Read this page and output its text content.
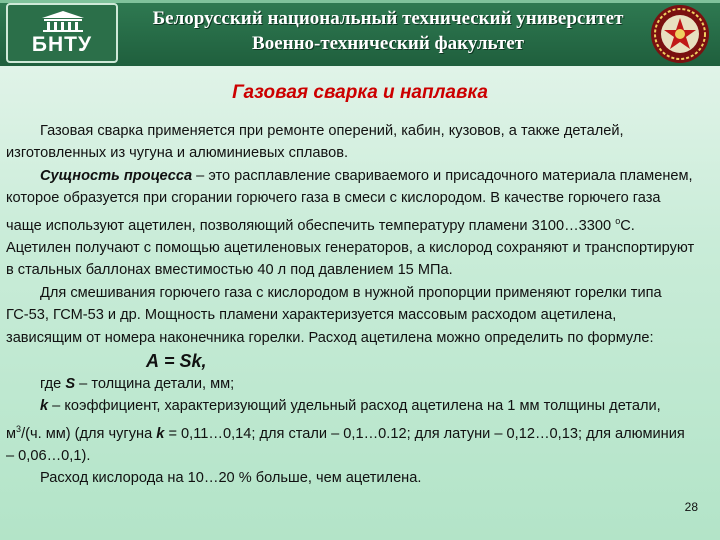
БНТУ
Белорусский национальный технический университет
Военно-технический факультет
Газовая сварка и наплавка

Газовая сварка применяется при ремонте оперений, кабин, кузовов, а также деталей, изготовленных из чугуна и алюминиевых сплавов.

Сущность процесса – это расплавление свариваемого и присадочного материала пламенем, которое образуется при сгорании горючего газа в смеси с кислородом. В качестве горючего газа чаще используют ацетилен, позволяющий обеспечить температуру пламени 3100…3300 $^о$С. Ацетилен получают с помощью ацетиленовых генераторов, а кислород сохраняют и транспортируют в стальных баллонах вместимостью 40 л под давлением 15 МПа.

Для смешивания горючего газа с кислородом в нужной пропорции применяют горелки типа ГС-53, ГСМ-53 и др. Мощность пламени характеризуется массовым расходом ацетилена, зависящим от номера наконечника горелки. Расход ацетилена можно определить по формуле:

А = Sk,

где S – толщина детали, мм;

k – коэффициент, характеризующий удельный расход ацетилена на 1 мм толщины детали, $м^3/(ч$. мм) (для чугуна k = 0,11…0,14; для стали – 0,1…0.12; для латуни – 0,12…0,13; для алюминия – 0,06…0,1).

Расход кислорода на 10…20 % больше, чем ацетилена.

28
